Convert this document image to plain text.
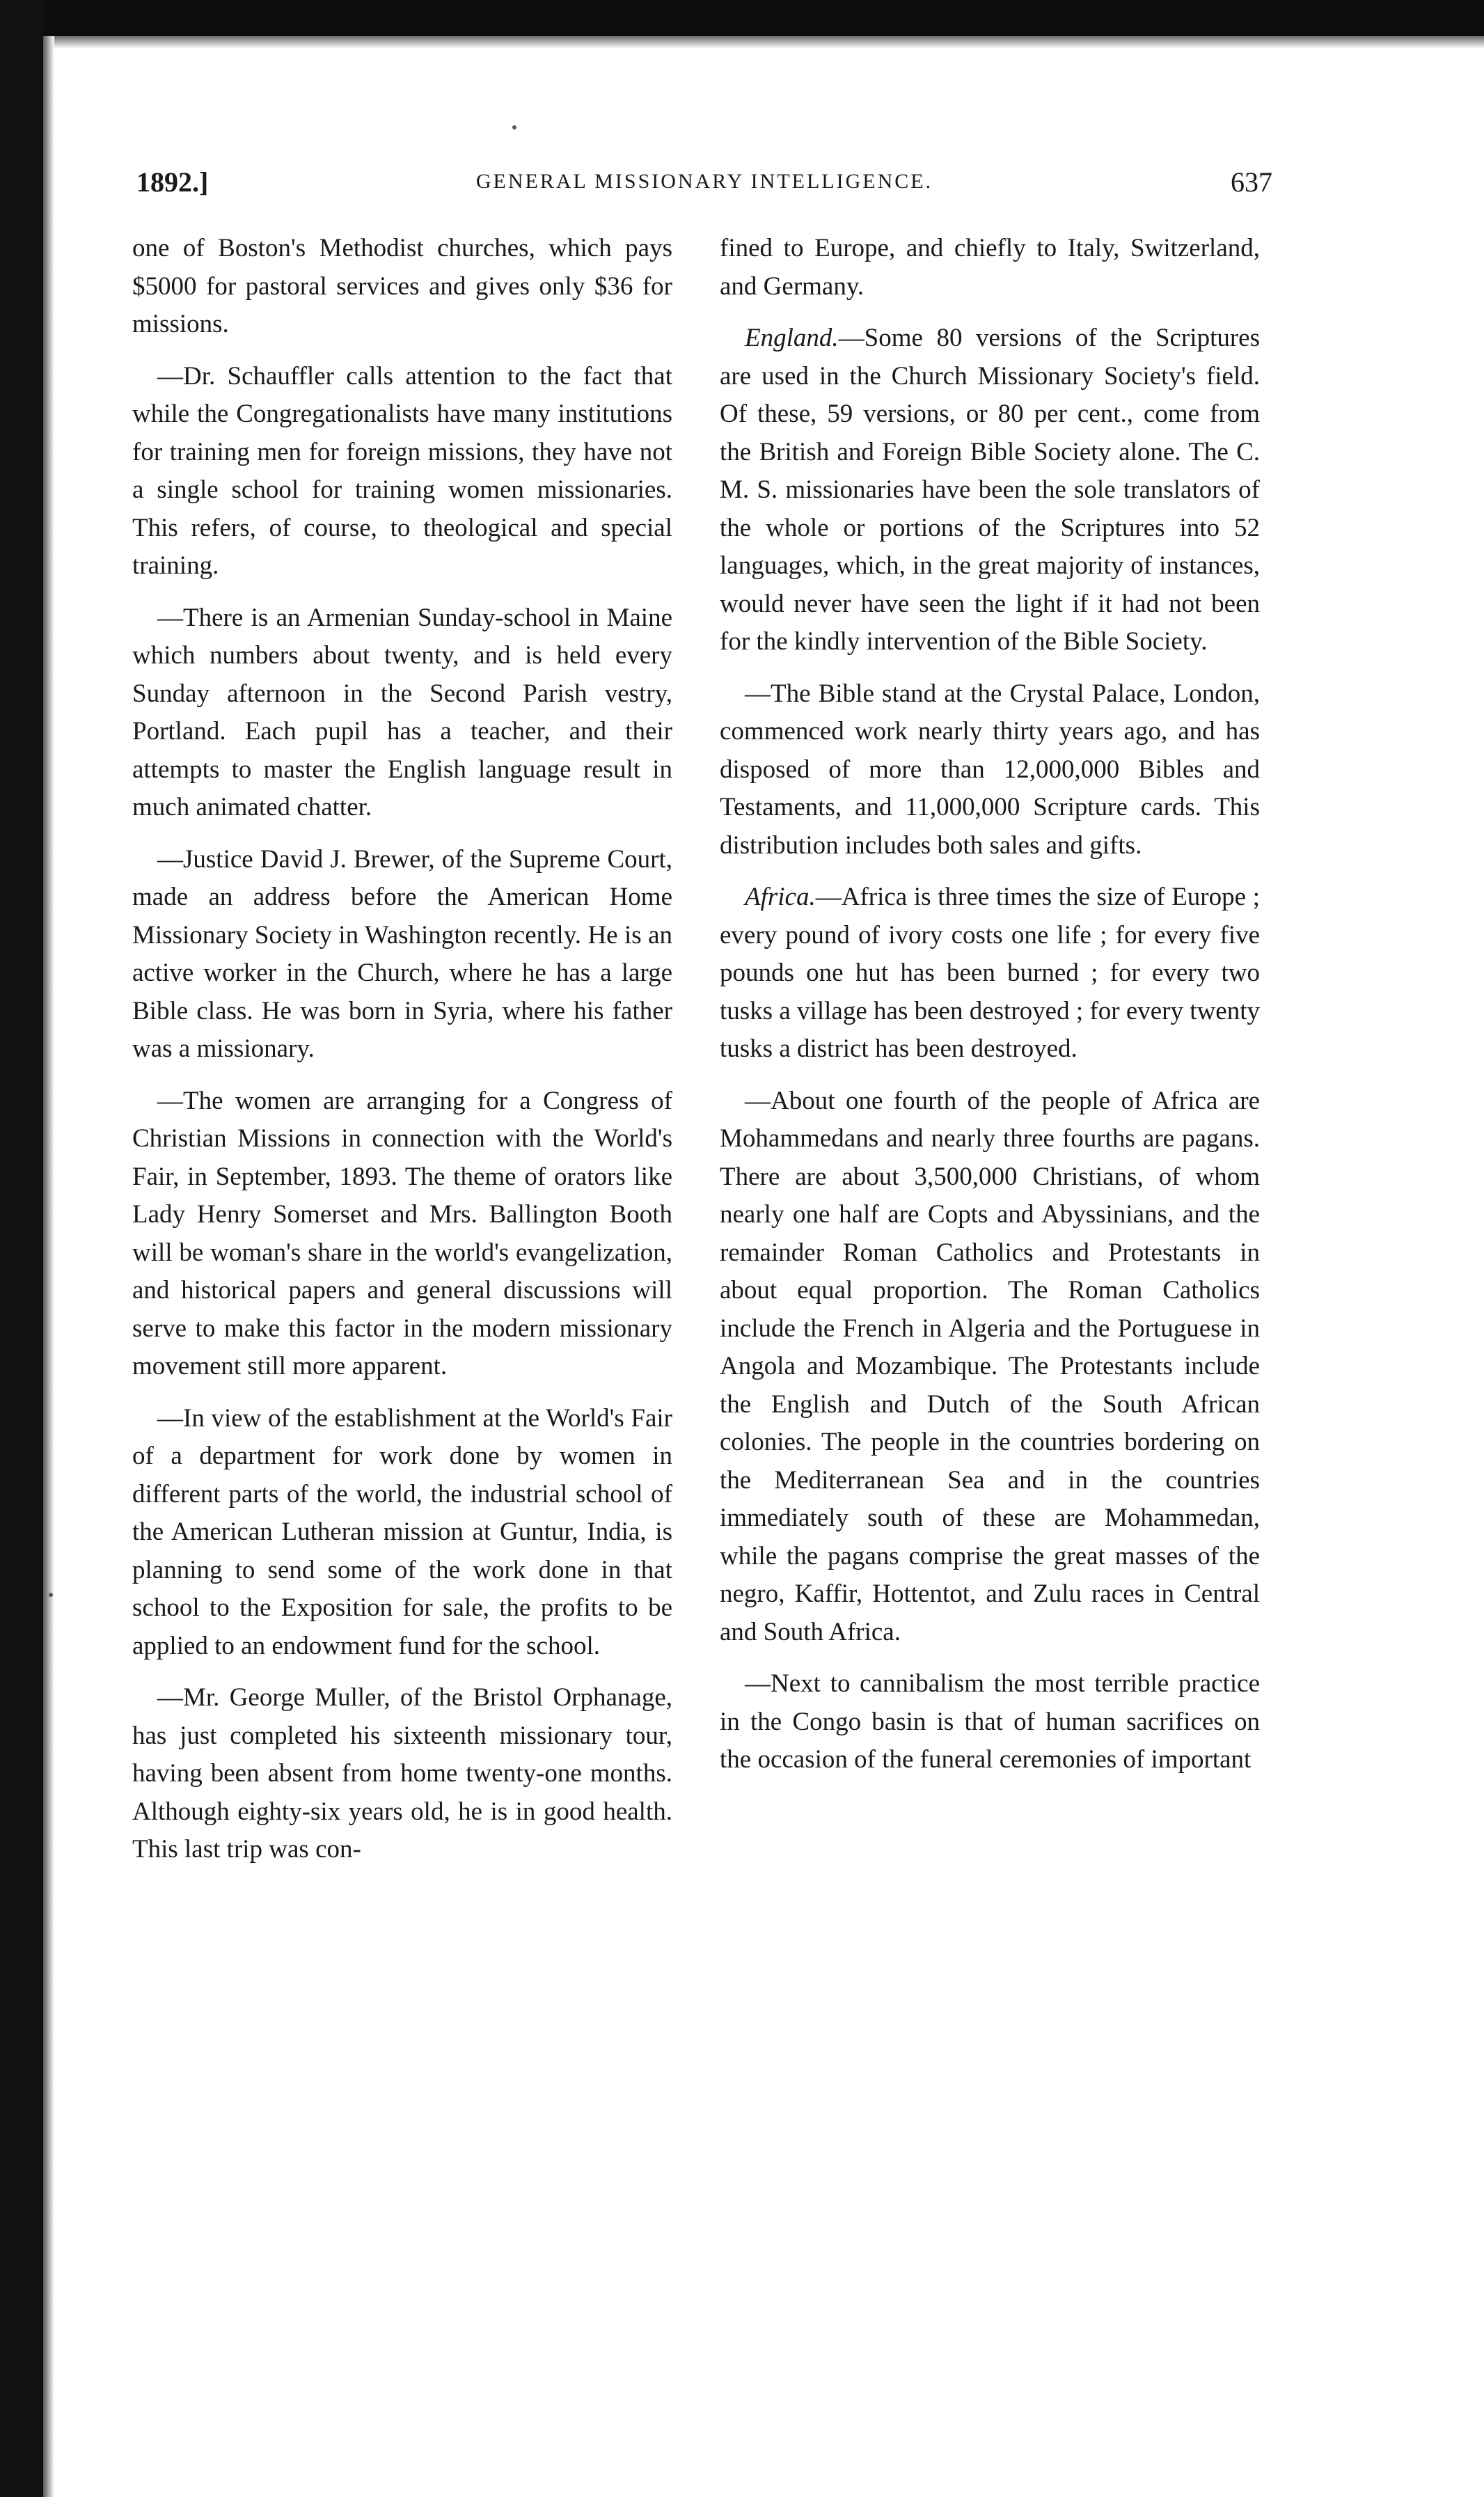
1892.]	GENERAL MISSIONARY INTELLIGENCE.	637

one of Boston's Methodist churches, which pays $5000 for pastoral services and gives only $36 for missions.

—Dr. Schauffler calls attention to the fact that while the Congregationalists have many institutions for training men for foreign missions, they have not a single school for training women missionaries. This refers, of course, to theological and special training.

—There is an Armenian Sunday-school in Maine which numbers about twenty, and is held every Sunday afternoon in the Second Parish vestry, Portland. Each pupil has a teacher, and their attempts to master the English language result in much animated chatter.

—Justice David J. Brewer, of the Supreme Court, made an address before the American Home Missionary Society in Washington recently. He is an active worker in the Church, where he has a large Bible class. He was born in Syria, where his father was a missionary.

—The women are arranging for a Congress of Christian Missions in connection with the World's Fair, in September, 1893. The theme of orators like Lady Henry Somerset and Mrs. Ballington Booth will be woman's share in the world's evangelization, and historical papers and general discussions will serve to make this factor in the modern missionary movement still more apparent.

—In view of the establishment at the World's Fair of a department for work done by women in different parts of the world, the industrial school of the American Lutheran mission at Guntur, India, is planning to send some of the work done in that school to the Exposition for sale, the profits to be applied to an endowment fund for the school.

—Mr. George Muller, of the Bristol Orphanage, has just completed his sixteenth missionary tour, having been absent from home twenty-one months. Although eighty-six years old, he is in good health. This last trip was con-

fined to Europe, and chiefly to Italy, Switzerland, and Germany.

England.—Some 80 versions of the Scriptures are used in the Church Missionary Society's field. Of these, 59 versions, or 80 per cent., come from the British and Foreign Bible Society alone. The C. M. S. missionaries have been the sole translators of the whole or portions of the Scriptures into 52 languages, which, in the great majority of instances, would never have seen the light if it had not been for the kindly intervention of the Bible Society.

—The Bible stand at the Crystal Palace, London, commenced work nearly thirty years ago, and has disposed of more than 12,000,000 Bibles and Testaments, and 11,000,000 Scripture cards. This distribution includes both sales and gifts.

Africa.—Africa is three times the size of Europe ; every pound of ivory costs one life ; for every five pounds one hut has been burned ; for every two tusks a village has been destroyed ; for every twenty tusks a district has been destroyed.

—About one fourth of the people of Africa are Mohammedans and nearly three fourths are pagans. There are about 3,500,000 Christians, of whom nearly one half are Copts and Abyssinians, and the remainder Roman Catholics and Protestants in about equal proportion. The Roman Catholics include the French in Algeria and the Portuguese in Angola and Mozambique. The Protestants include the English and Dutch of the South African colonies. The people in the countries bordering on the Mediterranean Sea and in the countries immediately south of these are Mohammedan, while the pagans comprise the great masses of the negro, Kaffir, Hottentot, and Zulu races in Central and South Africa.

—Next to cannibalism the most terrible practice in the Congo basin is that of human sacrifices on the occasion of the funeral ceremonies of important
